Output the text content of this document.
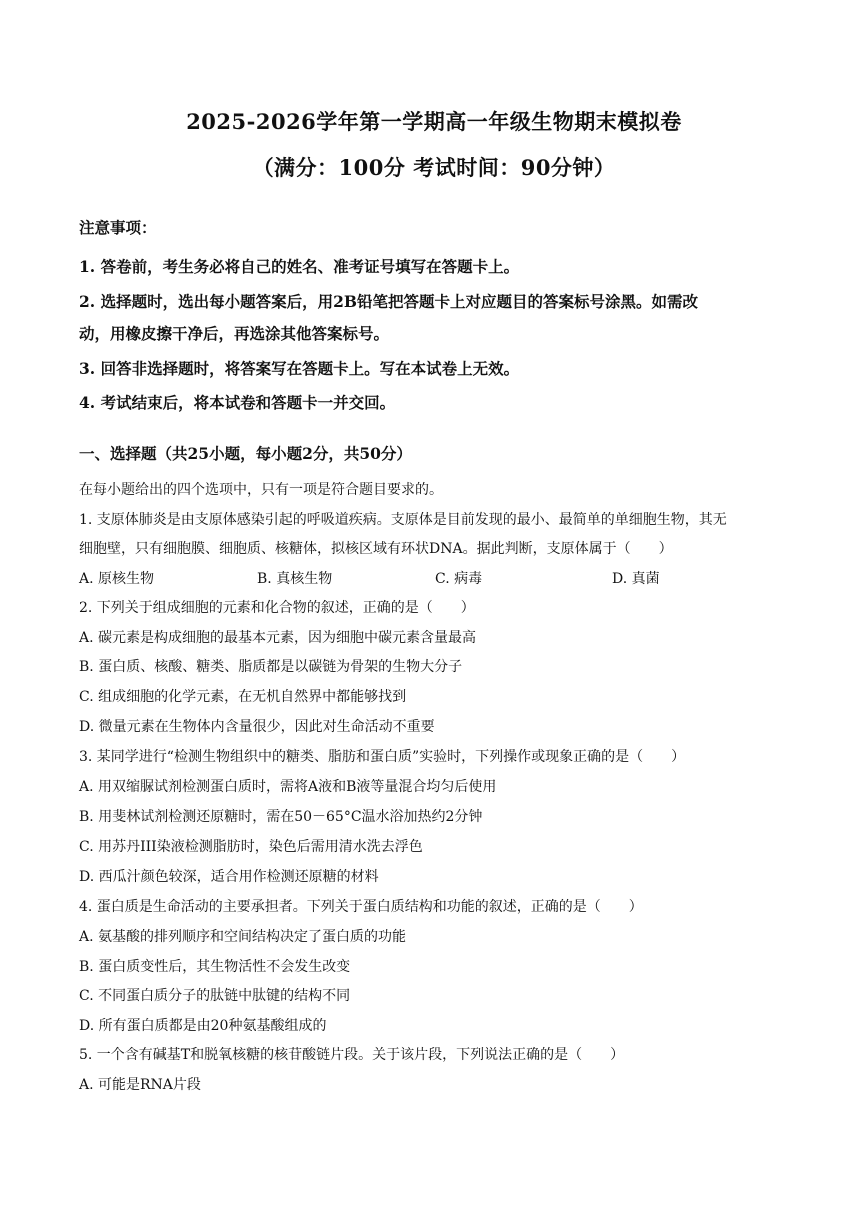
2025-2026学年第一学期高一年级生物期末模拟卷
（满分：100分 考试时间：90分钟）
注意事项：
1. 答卷前，考生务必将自己的姓名、准考证号填写在答题卡上。
2. 选择题时，选出每小题答案后，用2B铅笔把答题卡上对应题目的答案标号涂黑。如需改
动，用橡皮擦干净后，再选涂其他答案标号。
3. 回答非选择题时，将答案写在答题卡上。写在本试卷上无效。
4. 考试结束后，将本试卷和答题卡一并交回。
一、选择题（共25小题，每小题2分，共50分）
在每小题给出的四个选项中，只有一项是符合题目要求的。
1. 支原体肺炎是由支原体感染引起的呼吸道疾病。支原体是目前发现的最小、最简单的单细胞生物，其无
细胞壁，只有细胞膜、细胞质、核糖体，拟核区域有环状DNA。据此判断，支原体属于（　　）
A. 原核生物	B. 真核生物	C. 病毒	D. 真菌
2. 下列关于组成细胞的元素和化合物的叙述，正确的是（　　）
A. 碳元素是构成细胞的最基本元素，因为细胞中碳元素含量最高
B. 蛋白质、核酸、糖类、脂质都是以碳链为骨架的生物大分子
C. 组成细胞的化学元素，在无机自然界中都能够找到
D. 微量元素在生物体内含量很少，因此对生命活动不重要
3. 某同学进行“检测生物组织中的糖类、脂肪和蛋白质”实验时，下列操作或现象正确的是（　　）
A. 用双缩脲试剂检测蛋白质时，需将A液和B液等量混合均匀后使用
B. 用斐林试剂检测还原糖时，需在50－65°C温水浴加热约2分钟
C. 用苏丹III染液检测脂肪时，染色后需用清水洗去浮色
D. 西瓜汁颜色较深，适合用作检测还原糖的材料
4. 蛋白质是生命活动的主要承担者。下列关于蛋白质结构和功能的叙述，正确的是（　　）
A. 氨基酸的排列顺序和空间结构决定了蛋白质的功能
B. 蛋白质变性后，其生物活性不会发生改变
C. 不同蛋白质分子的肽链中肽键的结构不同
D. 所有蛋白质都是由20种氨基酸组成的
5. 一个含有碱基T和脱氧核糖的核苷酸链片段。关于该片段，下列说法正确的是（　　）
A. 可能是RNA片段
